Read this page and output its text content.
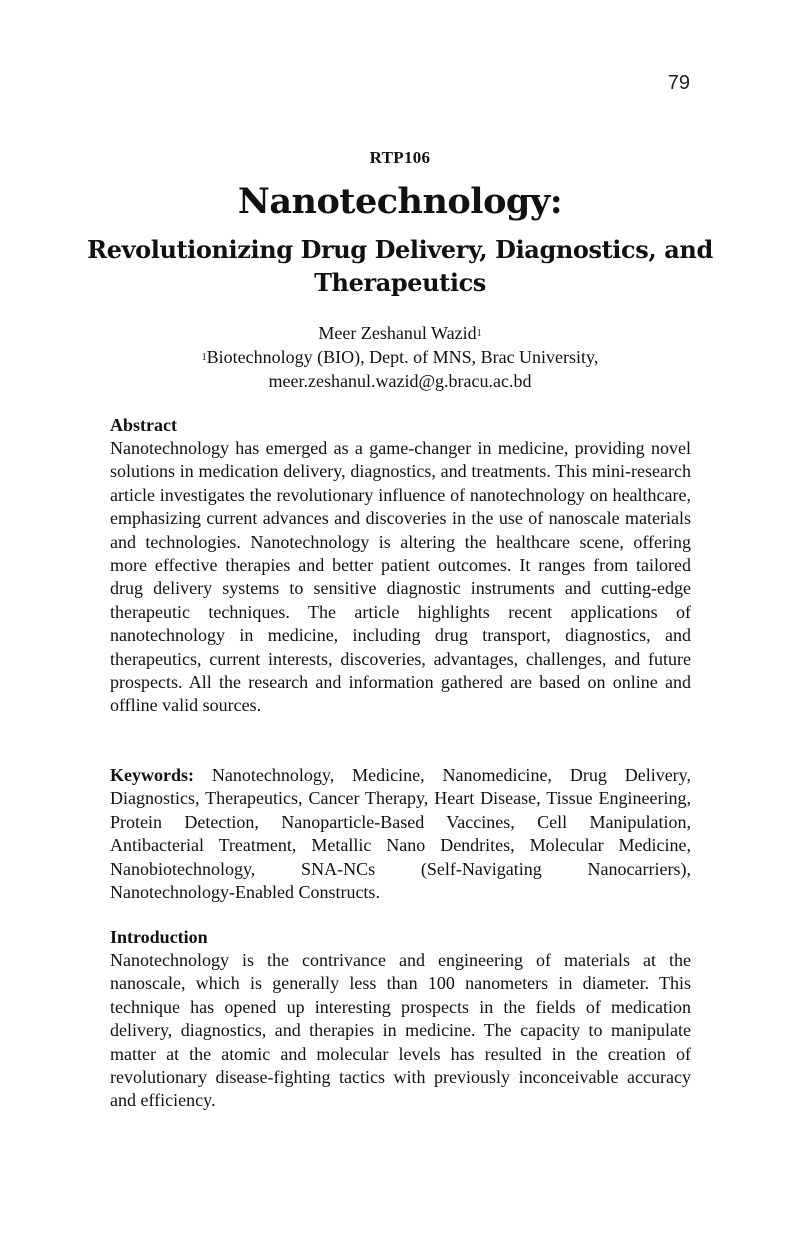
79
RTP106
Nanotechnology:
Revolutionizing Drug Delivery, Diagnostics, and Therapeutics
Meer Zeshanul Wazid$^1$
$^1$Biotechnology (BIO), Dept. of MNS, Brac University,
meer.zeshanul.wazid@g.bracu.ac.bd
Abstract

Nanotechnology has emerged as a game-changer in medicine, providing novel solutions in medication delivery, diagnostics, and treatments. This mini-research article investigates the revolutionary influence of nanotechnology on healthcare, emphasizing current advances and discoveries in the use of nanoscale materials and technologies. Nanotechnology is altering the healthcare scene, offering more effective therapies and better patient outcomes. It ranges from tailored drug delivery systems to sensitive diagnostic instruments and cutting-edge therapeutic techniques. The article highlights recent applications of nanotechnology in medicine, including drug transport, diagnostics, and therapeutics, current interests, discoveries, advantages, challenges, and future prospects. All the research and information gathered are based on online and offline valid sources.

Keywords: Nanotechnology, Medicine, Nanomedicine, Drug Delivery, Diagnostics, Therapeutics, Cancer Therapy, Heart Disease, Tissue Engineering, Protein Detection, Nanoparticle-Based Vaccines, Cell Manipulation, Antibacterial Treatment, Metallic Nano Dendrites, Molecular Medicine, Nanobiotechnology, SNA-NCs (Self-Navigating Nanocarriers), Nanotechnology-Enabled Constructs.

Introduction

Nanotechnology is the contrivance and engineering of materials at the nanoscale, which is generally less than 100 nanometers in diameter. This technique has opened up interesting prospects in the fields of medication delivery, diagnostics, and therapies in medicine. The capacity to manipulate matter at the atomic and molecular levels has resulted in the creation of revolutionary disease-fighting tactics with previously inconceivable accuracy and efficiency.
